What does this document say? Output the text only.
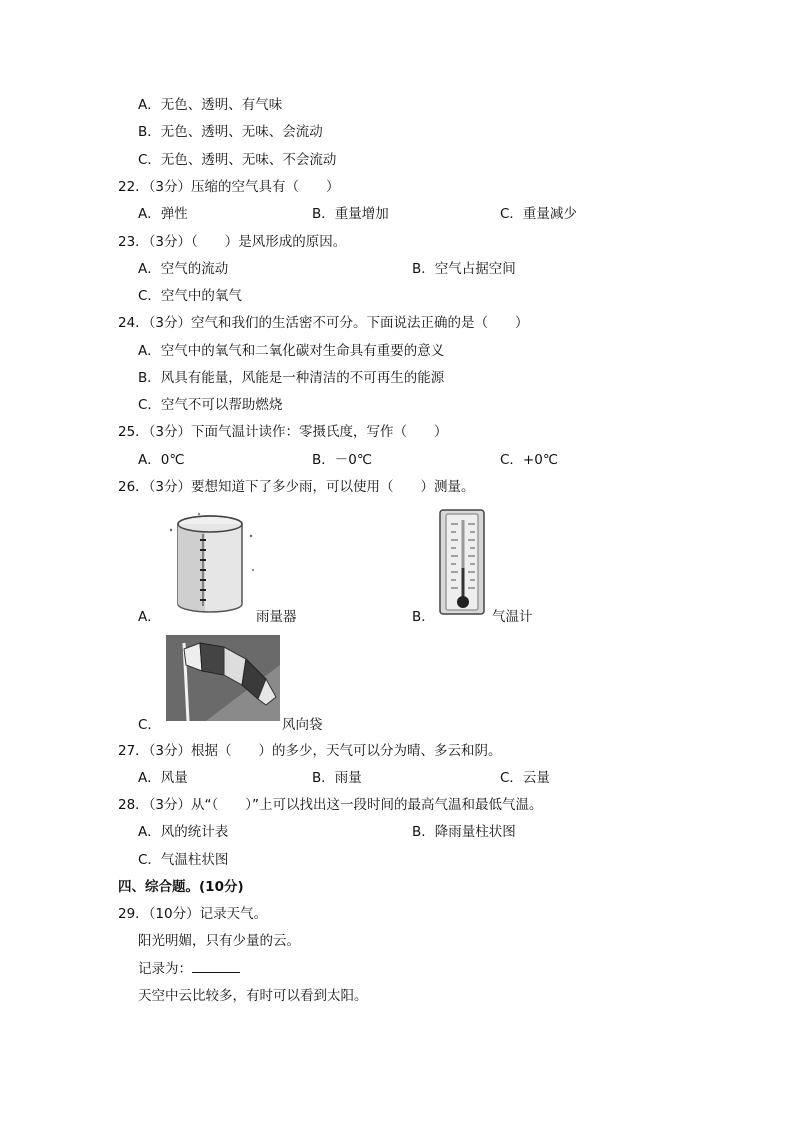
A．无色、透明、有气味
B．无色、透明、无味、会流动
C．无色、透明、无味、不会流动
22．（3分）压缩的空气具有（　　）
A．弹性	B．重量增加	C．重量减少
23．（3分）（　　）是风形成的原因。
A．空气的流动	B．空气占据空间
C．空气中的氧气
24．（3分）空气和我们的生活密不可分。下面说法正确的是（　　）
A．空气中的氧气和二氧化碳对生命具有重要的意义
B．风具有能量，风能是一种清洁的不可再生的能源
C．空气不可以帮助燃烧
25．（3分）下面气温计读作：零摄氏度，写作（　　）
A．0℃	B．－0℃	C．+0℃
26．（3分）要想知道下了多少雨，可以使用（　　）测量。
A．	雨量器	B．	气温计
C．	风向袋
27．（3分）根据（　　）的多少，天气可以分为晴、多云和阴。
A．风量	B．雨量	C．云量
28．（3分）从“（　　）”上可以找出这一段时间的最高气温和最低气温。
A．风的统计表	B．降雨量柱状图
C．气温柱状图
四、综合题。(10分)
29．（10分）记录天气。
阳光明媚，只有少量的云。
记录为：
天空中云比较多，有时可以看到太阳。
